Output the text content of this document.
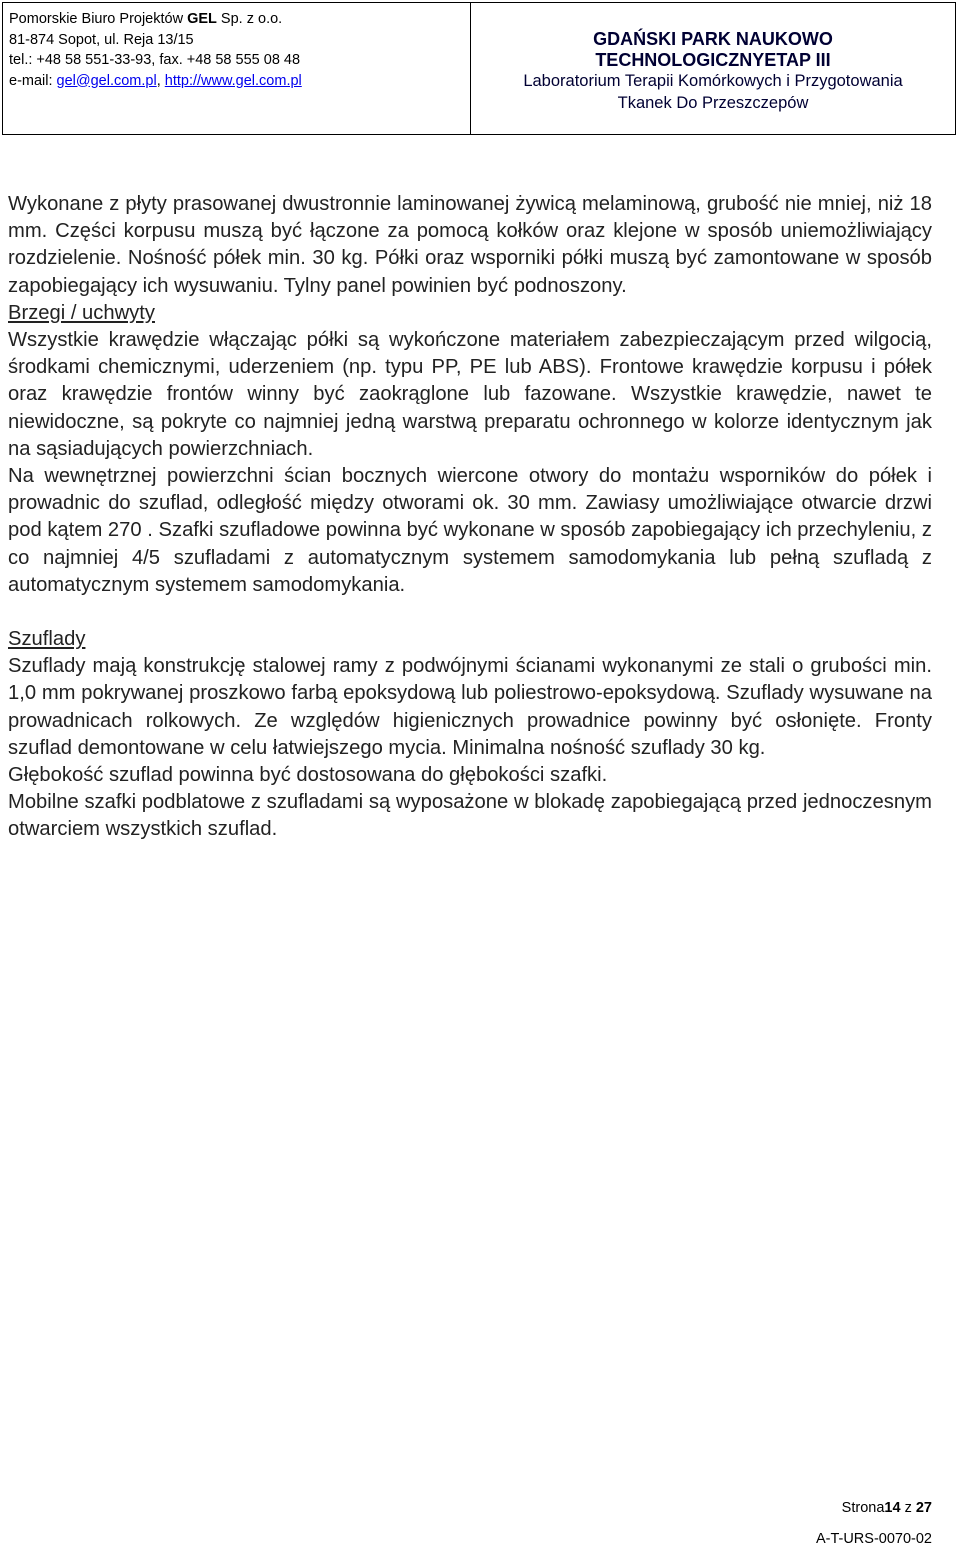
Pomorskie Biuro Projektów GEL Sp. z o.o.
81-874 Sopot, ul. Reja 13/15
tel.: +48 58 551-33-93, fax. +48 58 555 08 48
e-mail: gel@gel.com.pl, http://www.gel.com.pl
GDAŃSKI PARK NAUKOWO
TECHNOLOGICZNYETAP III
Laboratorium Terapii Komórkowych i Przygotowania
Tkanek Do Przeszczepów

Wykonane z płyty prasowanej dwustronnie laminowanej żywicą melaminową, grubość nie mniej, niż 18 mm. Części korpusu muszą być łączone za pomocą kołków oraz klejone w sposób uniemożliwiający rozdzielenie. Nośność półek min. 30 kg. Półki oraz wsporniki półki muszą być zamontowane w sposób zapobiegający ich wysuwaniu. Tylny panel powinien być podnoszony.

Brzegi / uchwyty

Wszystkie krawędzie włączając półki są wykończone materiałem zabezpieczającym przed wilgocią, środkami chemicznymi, uderzeniem (np. typu PP, PE lub ABS). Frontowe krawędzie korpusu i półek oraz krawędzie frontów winny być zaokrąglone lub fazowane. Wszystkie krawędzie, nawet te niewidoczne, są pokryte co najmniej jedną warstwą preparatu ochronnego w kolorze identycznym jak na sąsiadujących powierzchniach.

Na wewnętrznej powierzchni ścian bocznych wiercone otwory do montażu wsporników do półek i prowadnic do szuflad, odległość między otworami ok. 30 mm. Zawiasy umożliwiające otwarcie drzwi pod kątem 270 . Szafki szufladowe powinna być wykonane w sposób zapobiegający ich przechyleniu, z co najmniej 4/5 szufladami z automatycznym systemem samodomykania lub pełną szufladą z automatycznym systemem samodomykania.

Szuflady

Szuflady mają konstrukcję stalowej ramy z podwójnymi ścianami wykonanymi ze stali o grubości min. 1,0 mm pokrywanej proszkowo farbą epoksydową lub poliestrowo-epoksydową. Szuflady wysuwane na prowadnicach rolkowych. Ze względów higienicznych prowadnice powinny być osłonięte. Fronty szuflad demontowane w celu łatwiejszego mycia. Minimalna nośność szuflady 30 kg.

Głębokość szuflad powinna być dostosowana do głębokości szafki.

Mobilne szafki podblatowe z szufladami są wyposażone w blokadę zapobiegającą przed jednoczesnym otwarciem wszystkich szuflad.

Strona14 z 27
A-T-URS-0070-02
